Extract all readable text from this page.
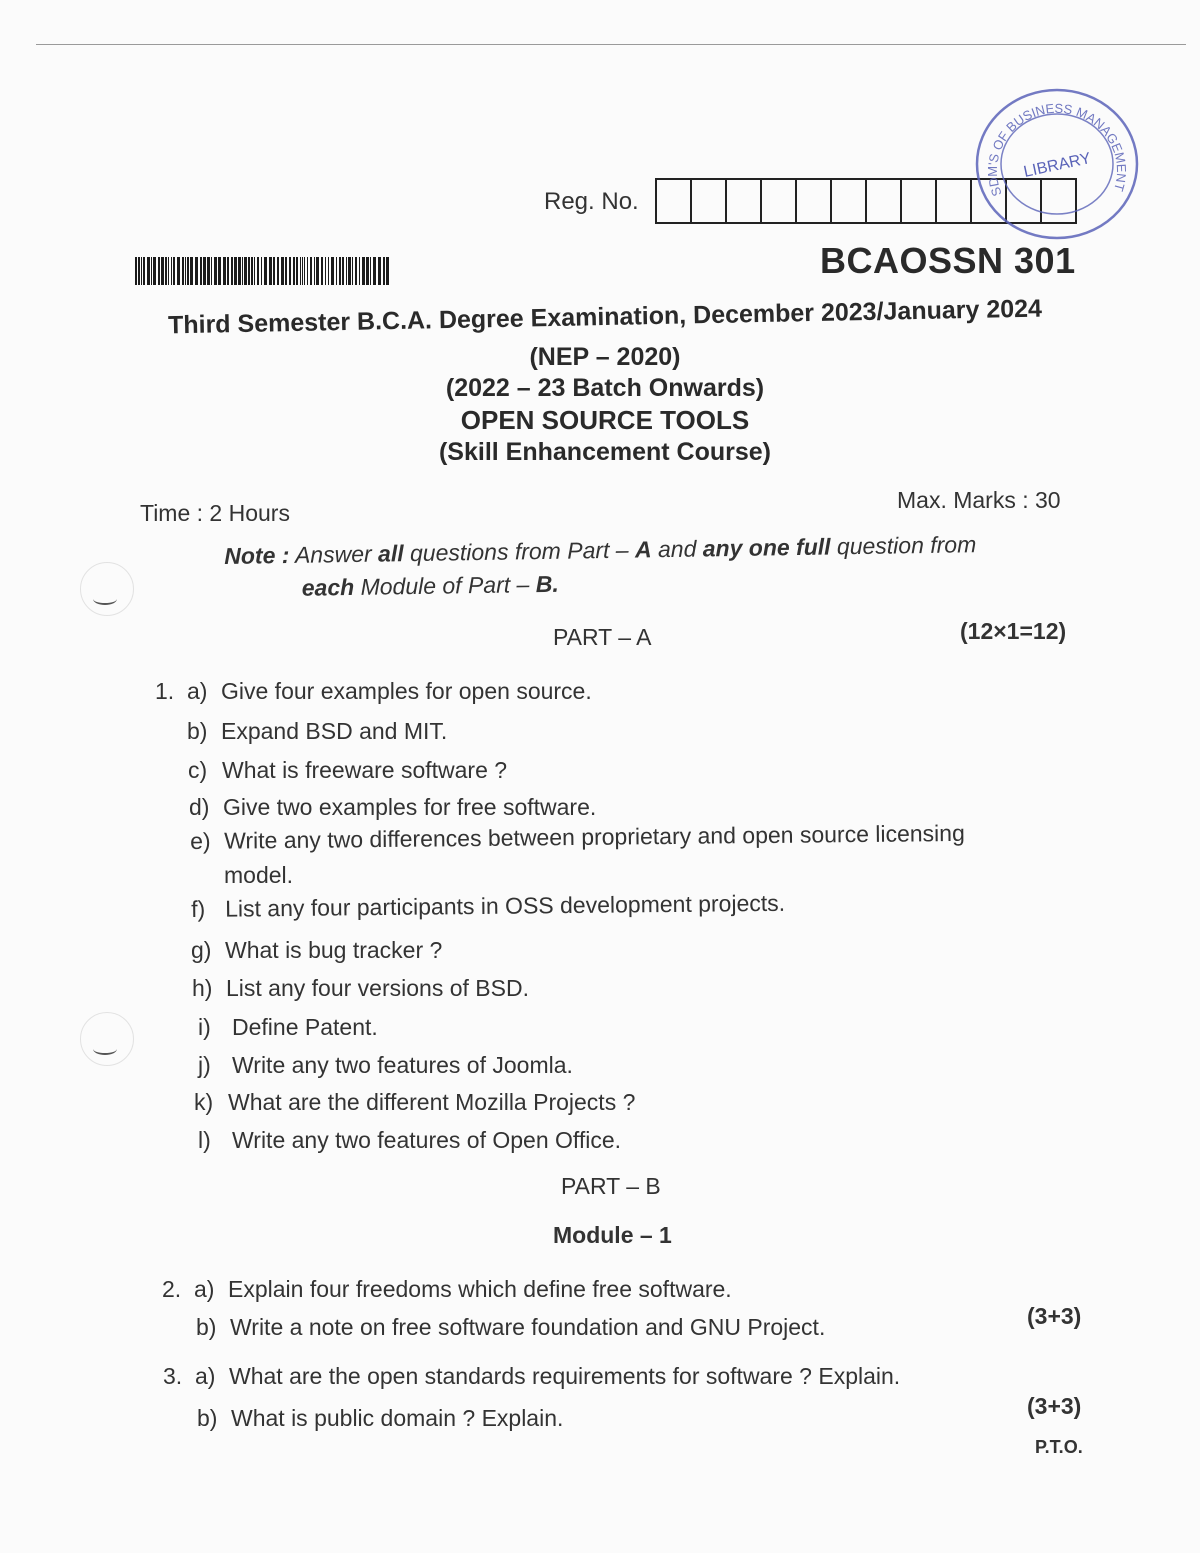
Reg. No.
BCAOSSN 301
SDM'S OF BUSINESS MANAGEMENT
LIBRARY
Third Semester B.C.A. Degree Examination, December 2023/January 2024
(NEP – 2020)
(2022 – 23 Batch Onwards)
OPEN SOURCE TOOLS
(Skill Enhancement Course)
Time : 2 Hours	Max. Marks : 30
Note : Answer all questions from Part – A and any one full question from
each Module of Part – B.
PART – A	(12×1=12)
1. a) Give four examples for open source.
b) Expand BSD and MIT.
c) What is freeware software ?
d) Give two examples for free software.
e) Write any two differences between proprietary and open source licensing
model.
f) List any four participants in OSS development projects.
g) What is bug tracker ?
h) List any four versions of BSD.
i) Define Patent.
j) Write any two features of Joomla.
k) What are the different Mozilla Projects ?
l) Write any two features of Open Office.
PART – B
Module – 1
2. a) Explain four freedoms which define free software.
b) Write a note on free software foundation and GNU Project.	(3+3)
3. a) What are the open standards requirements for software ? Explain.
b) What is public domain ? Explain.	(3+3)
P.T.O.
